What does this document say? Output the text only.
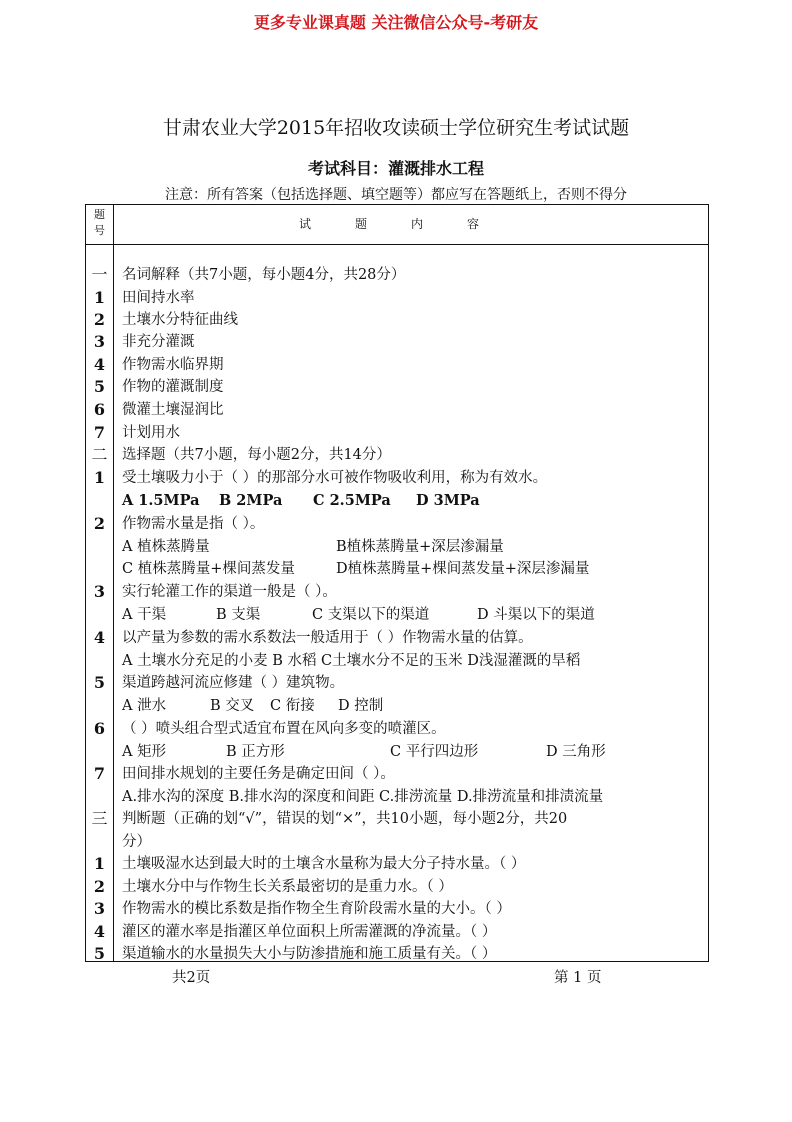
更多专业课真题 关注微信公众号-考研友
甘肃农业大学2015年招收攻读硕士学位研究生考试试题
考试科目：灌溉排水工程
注意：所有答案（包括选择题、填空题等）都应写在答题纸上，否则不得分
题号	试题内容
一	名词解释（共7小题，每小题4分，共28分）
1	田间持水率
2	土壤水分特征曲线
3	非充分灌溉
4	作物需水临界期
5	作物的灌溉制度
6	微灌土壤湿润比
7	计划用水
二	选择题（共7小题，每小题2分，共14分）
1	受土壤吸力小于（ ）的那部分水可被作物吸收利用，称为有效水。
A 1.5MPa B 2MPa C 2.5MPa D 3MPa
2	作物需水量是指（ ）。
A 植株蒸腾量	B植株蒸腾量+深层渗漏量
C 植株蒸腾量+棵间蒸发量	D植株蒸腾量+棵间蒸发量+深层渗漏量
3	实行轮灌工作的渠道一般是（ ）。
A 干渠	B 支渠	C 支渠以下的渠道	D 斗渠以下的渠道
4	以产量为参数的需水系数法一般适用于（ ）作物需水量的估算。
A 土壤水分充足的小麦 B 水稻 C土壤水分不足的玉米 D浅湿灌溉的旱稻
5	渠道跨越河流应修建（ ）建筑物。
A 泄水	B 交叉 C 衔接 D 控制
6	（ ）喷头组合型式适宜布置在风向多变的喷灌区。
A 矩形	B 正方形	C 平行四边形	D 三角形
7	田间排水规划的主要任务是确定田间（ ）。
A.排水沟的深度 B.排水沟的深度和间距 C.排涝流量 D.排涝流量和排渍流量
三	判断题（正确的划“√”，错误的划“×”，共10小题，每小题2分，共20
分）
1	土壤吸湿水达到最大时的土壤含水量称为最大分子持水量。（ ）
2	土壤水分中与作物生长关系最密切的是重力水。（ ）
3	作物需水的模比系数是指作物全生育阶段需水量的大小。（ ）
4	灌区的灌水率是指灌区单位面积上所需灌溉的净流量。（ ）
5	渠道输水的水量损失大小与防渗措施和施工质量有关。（ ）
共2页	第 1 页
